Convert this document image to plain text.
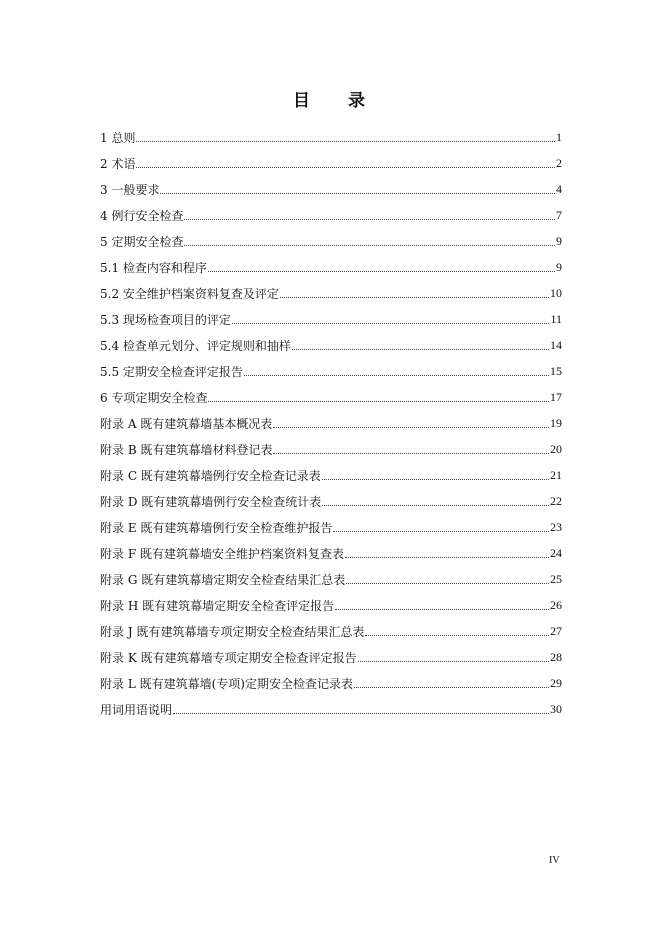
目 录
1 总则	1
2 术语	2
3 一般要求	4
4 例行安全检查	7
5 定期安全检查	9
5.1 检查内容和程序	9
5.2 安全维护档案资料复查及评定	10
5.3 现场检查项目的评定	11
5.4 检查单元划分、评定规则和抽样	14
5.5 定期安全检查评定报告	15
6 专项定期安全检查	17
附录 A 既有建筑幕墙基本概况表	19
附录 B 既有建筑幕墙材料登记表	20
附录 C 既有建筑幕墙例行安全检查记录表	21
附录 D 既有建筑幕墙例行安全检查统计表	22
附录 E 既有建筑幕墙例行安全检查维护报告	23
附录 F 既有建筑幕墙安全维护档案资料复查表	24
附录 G 既有建筑幕墙定期安全检查结果汇总表	25
附录 H 既有建筑幕墙定期安全检查评定报告	26
附录 J 既有建筑幕墙专项定期安全检查结果汇总表	27
附录 K 既有建筑幕墙专项定期安全检查评定报告	28
附录 L 既有建筑幕墙(专项)定期安全检查记录表	29
用词用语说明	30
IV
